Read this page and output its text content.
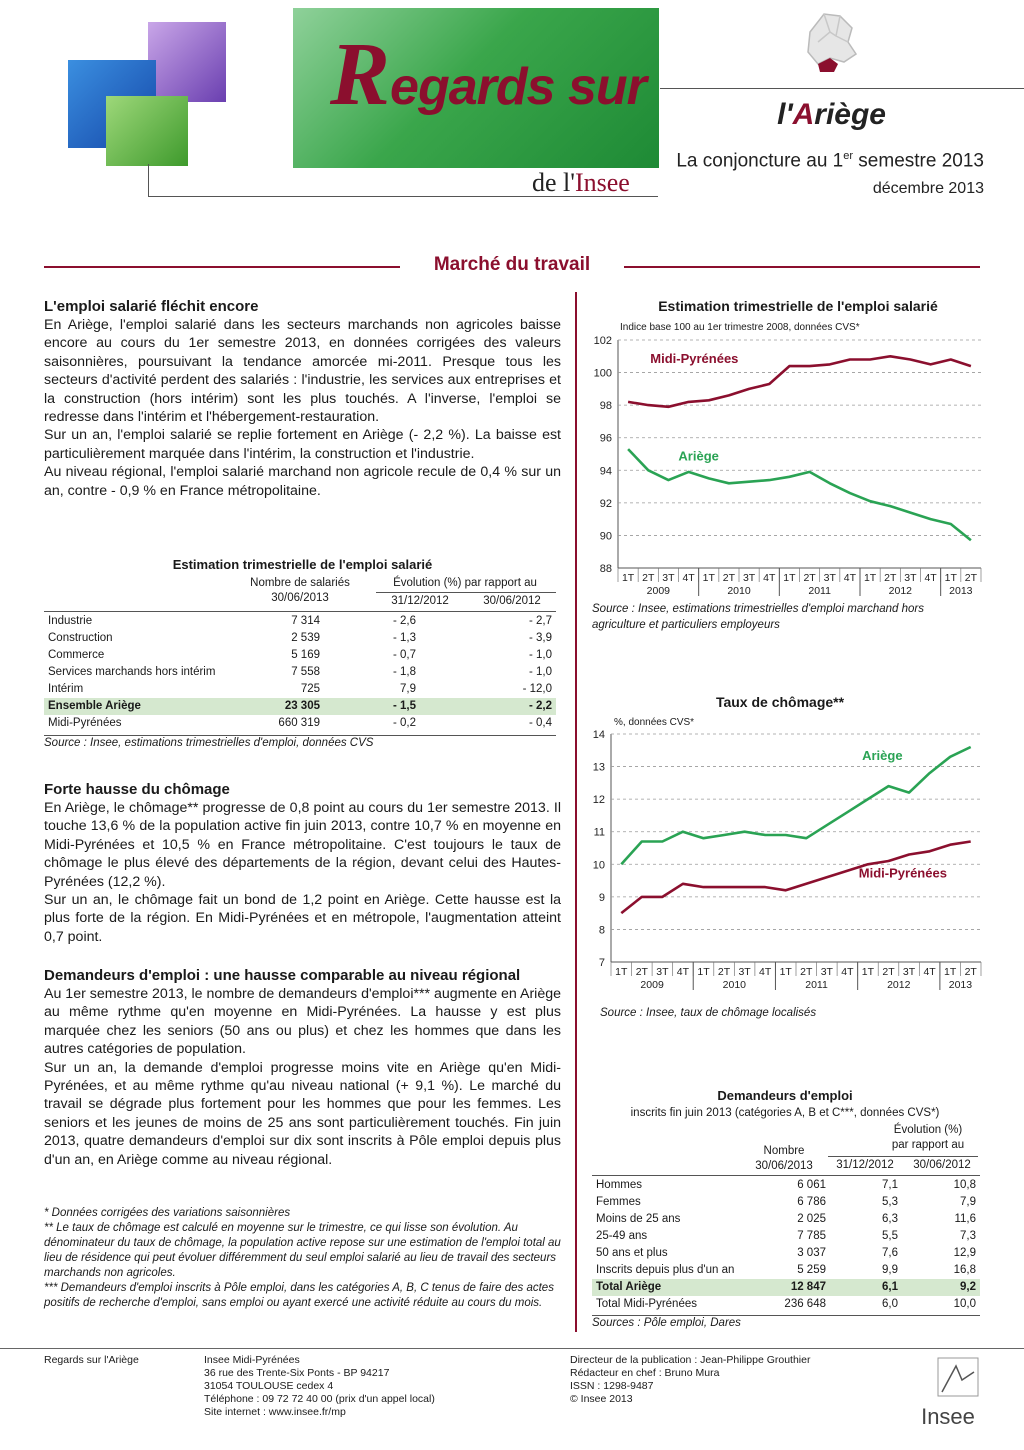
Regards sur
de l'Insee
l'Ariège
La conjoncture au 1er semestre 2013
décembre 2013
Marché du travail
L'emploi salarié fléchit encore

En Ariège, l'emploi salarié dans les secteurs marchands non agricoles baisse encore au cours du 1er semestre 2013, en données corrigées des valeurs saisonnières, poursuivant la tendance amorcée mi-2011. Presque tous les secteurs d'activité perdent des salariés : l'industrie, les services aux entreprises et la construction (hors intérim) sont les plus touchés. A l'inverse, l'emploi se redresse dans l'intérim et l'hébergement-restauration.

Sur un an, l'emploi salarié se replie fortement en Ariège (- 2,2 %). La baisse est particulièrement marquée dans l'intérim, la construction et l'industrie.

Au niveau régional, l'emploi salarié marchand non agricole recule de 0,4 % sur un an, contre - 0,9 % en France métropolitaine.

Estimation trimestrielle de l'emploi salarié
Nombre de salariés
30/06/2013
Évolution (%) par rapport au
31/12/2012	30/06/2012
Industrie	7 314	- 2,6	- 2,7
Construction	2 539	- 1,3	- 3,9
Commerce	5 169	- 0,7	- 1,0
Services marchands hors intérim	7 558	- 1,8	- 1,0
Intérim	725	7,9	- 12,0
Ensemble Ariège	23 305	- 1,5	- 2,2
Midi-Pyrénées	660 319	- 0,2	- 0,4
Source : Insee, estimations trimestrielles d'emploi, données CVS
Forte hausse du chômage

En Ariège, le chômage** progresse de 0,8 point au cours du 1er semestre 2013. Il touche 13,6 % de la population active fin juin 2013, contre 10,7 % en moyenne en Midi-Pyrénées et 10,5 % en France métropolitaine. C'est toujours le taux de chômage le plus élevé des départements de la région, devant celui des Hautes-Pyrénées (12,2 %).

Sur un an, le chômage fait un bond de 1,2 point en Ariège. Cette hausse est la plus forte de la région. En Midi-Pyrénées et en métropole, l'augmentation atteint 0,7 point.

Demandeurs d'emploi : une hausse comparable au niveau régional

Au 1er semestre 2013, le nombre de demandeurs d'emploi*** augmente en Ariège au même rythme qu'en moyenne en Midi-Pyrénées. La hausse y est plus marquée chez les seniors (50 ans ou plus) et chez les hommes que dans les autres catégories de population.

Sur un an, la demande d'emploi progresse moins vite en Ariège qu'en Midi-Pyrénées, et au même rythme qu'au niveau national (+ 9,1 %). Le marché du travail se dégrade plus fortement pour les hommes que pour les femmes. Les seniors et les jeunes de moins de 25 ans sont particulièrement touchés. Fin juin 2013, quatre demandeurs d'emploi sur dix sont inscrits à Pôle emploi depuis plus d'un an, en Ariège comme au niveau régional.

* Données corrigées des variations saisonnières

** Le taux de chômage est calculé en moyenne sur le trimestre, ce qui lisse son évolution. Au dénominateur du taux de chômage, la population active repose sur une estimation de l'emploi total au lieu de résidence qui peut évoluer différemment du seul emploi salarié au lieu de travail des secteurs marchands non agricoles.

*** Demandeurs d'emploi inscrits à Pôle emploi, dans les catégories A, B, C tenus de faire des actes positifs de recherche d'emploi, sans emploi ou ayant exercé une activité réduite au cours du mois.

Estimation trimestrielle de l'emploi salarié
Indice base 100 au 1er trimestre 2008, données CVS*
88
90
92
94
96
98
100
102
1T 2T 3T 4T 1T 2T 3T 4T 1T 2T 3T 4T 1T 2T 3T 4T 1T 2T
2009	2010	2011	2012	2013
Midi-Pyrénées
Ariège
Source : Insee, estimations trimestrielles d'emploi marchand hors agriculture et particuliers employeurs
Taux de chômage**
%, données CVS*
7
8
9
10
11
12
13
14
1T 2T 3T 4T 1T 2T 3T 4T 1T 2T 3T 4T 1T 2T 3T 4T 1T 2T
2009	2010	2011	2012	2013
Ariège
Midi-Pyrénées
Source : Insee, taux de chômage localisés
Demandeurs d'emploi
inscrits fin juin 2013 (catégories A, B et C***, données CVS*)
Évolution (%)
par rapport au
Nombre
30/06/2013	31/12/2012	30/06/2012
Hommes	6 061	7,1	10,8
Femmes	6 786	5,3	7,9
Moins de 25 ans	2 025	6,3	11,6
25-49 ans	7 785	5,5	7,3
50 ans et plus	3 037	7,6	12,9
Inscrits depuis plus d'un an	5 259	9,9	16,8
Total Ariège	12 847	6,1	9,2
Total Midi-Pyrénées	236 648	6,0	10,0
Sources : Pôle emploi, Dares
Regards sur l'Ariège	Insee Midi-Pyrénées
36 rue des Trente-Six Ponts - BP 94217
31054 TOULOUSE cedex 4
Téléphone : 09 72 72 40 00 (prix d'un appel local)
Site internet : www.insee.fr/mp
Directeur de la publication : Jean-Philippe Grouthier
Rédacteur en chef : Bruno Mura
ISSN : 1298-9487
© Insee 2013
Insee
